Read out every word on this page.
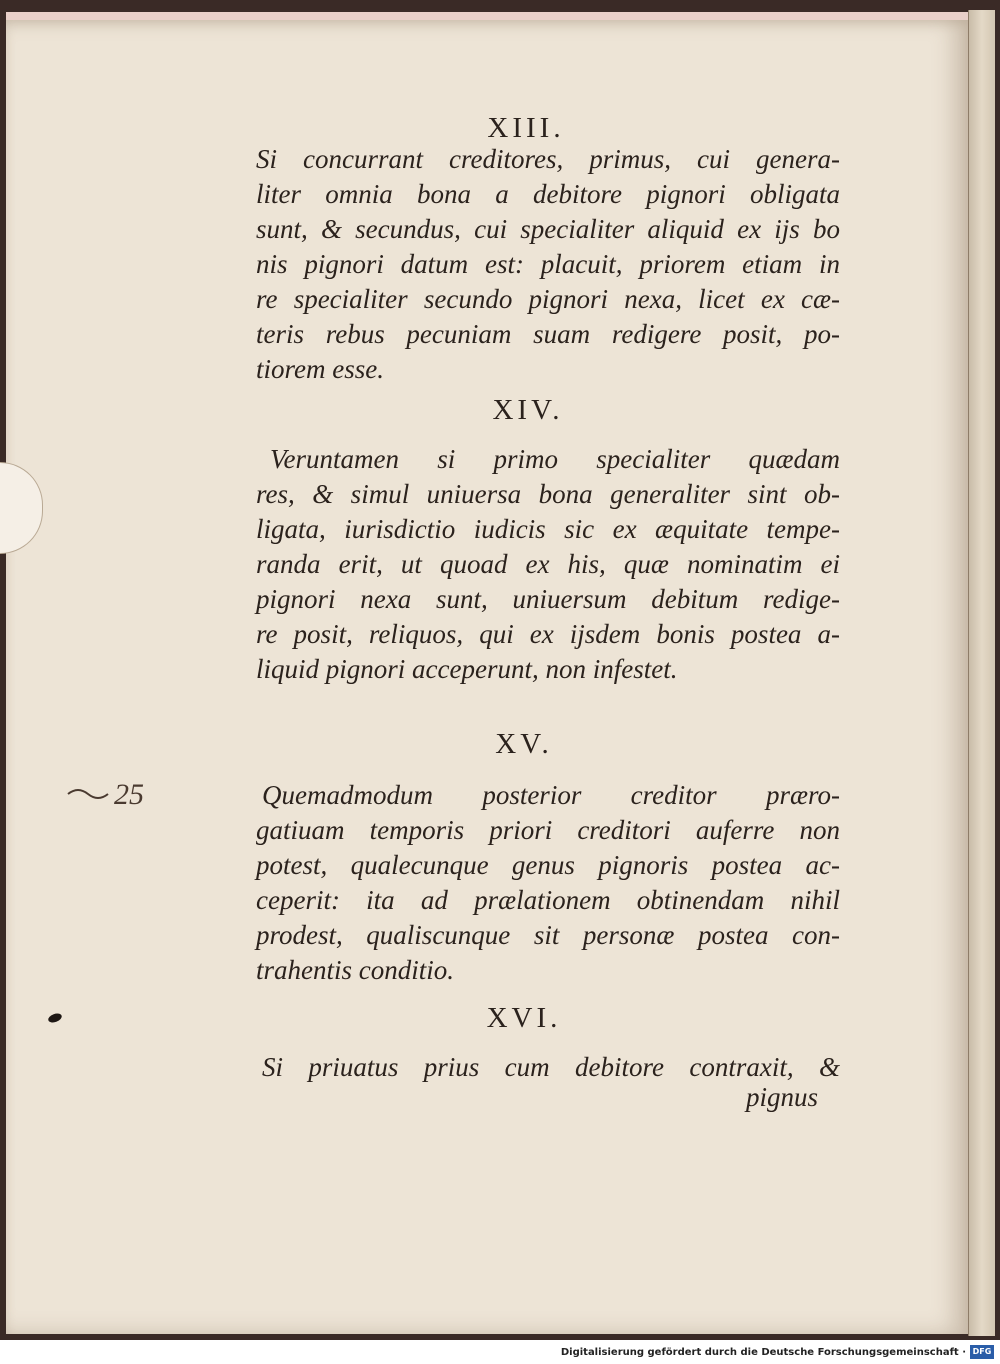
XIII.
Si concurrant creditores, primus, cui genera-
liter omnia bona a debitore pignori obligata
sunt, & secundus, cui specialiter aliquid ex ijs bo
nis pignori datum est: placuit, priorem etiam in
re specialiter secundo pignori nexa, licet ex cæ-
teris rebus pecuniam suam redigere posit, po-
tiorem esse.
XIV.
Veruntamen si primo specialiter quædam
res, & simul uniuersa bona generaliter sint ob-
ligata, iurisdictio iudicis sic ex æquitate tempe-
randa erit, ut quoad ex his, quæ nominatim ei
pignori nexa sunt, uniuersum debitum redige-
re posit, reliquos, qui ex ijsdem bonis postea a-
liquid pignori acceperunt, non infestet.
XV.
Quemadmodum posterior creditor præro-
gatiuam temporis priori creditori auferre non
potest, qualecunque genus pignoris postea ac-
ceperit: ita ad prælationem obtinendam nihil
prodest, qualiscunque sit personæ postea con-
trahentis conditio.
XVI.
Si priuatus prius cum debitore contraxit, &
pignus
25
Digitalisierung gefördert durch die Deutsche Forschungsgemeinschaft · DFG
